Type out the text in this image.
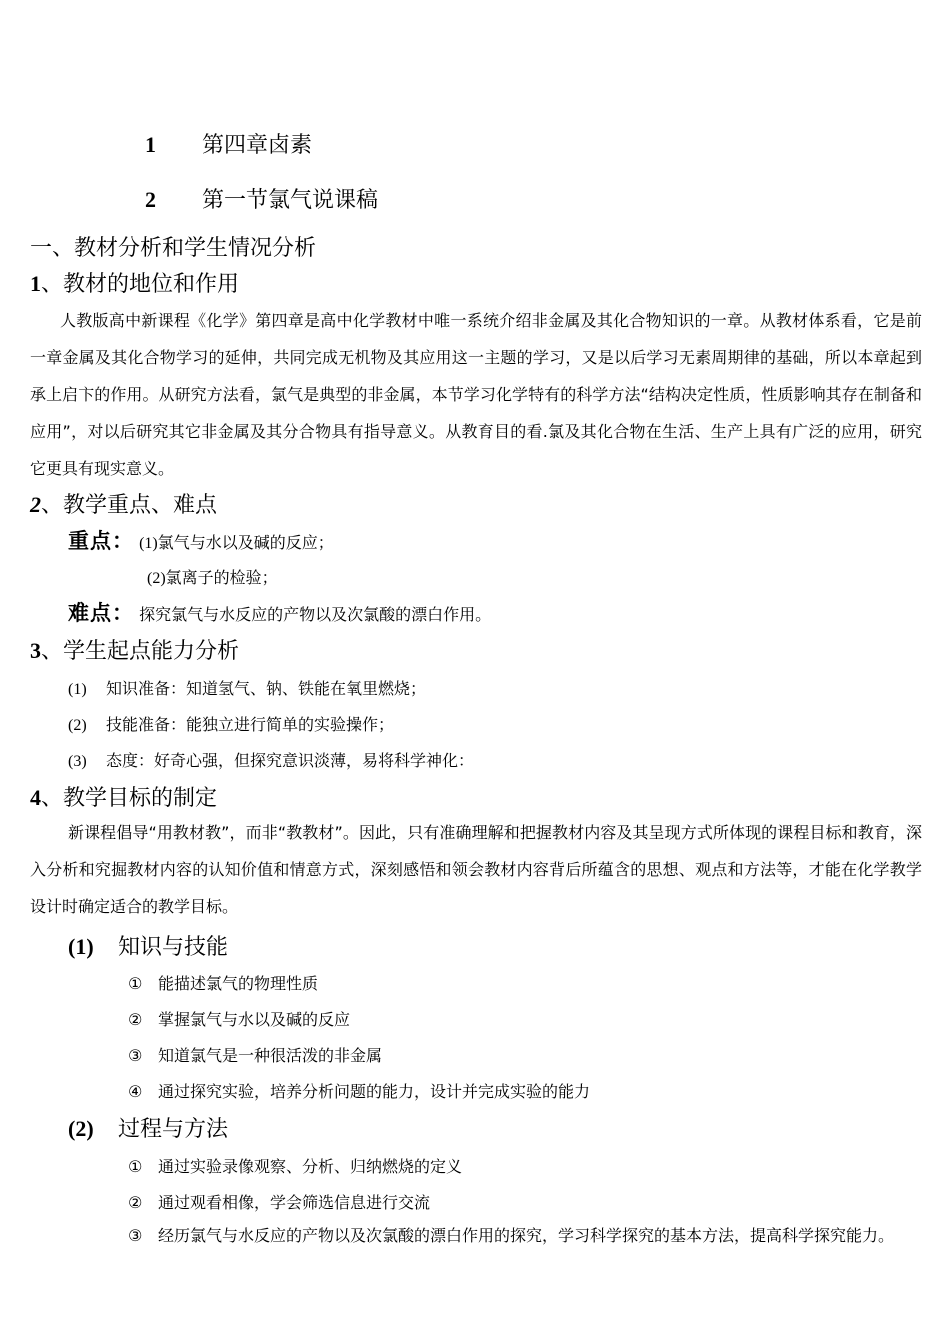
1 第四章卤素
2 第一节氯气说课稿
一、教材分析和学生情况分析
1、教材的地位和作用

人教版高中新课程《化学》第四章是高中化学教材中唯一系统介绍非金属及其化合物知识的一章。从教材体系看，它是前一章金属及其化合物学习的延伸，共同完成无机物及其应用这一主题的学习，又是以后学习无素周期律的基础，所以本章起到承上启卞的作用。从研究方法看，氯气是典型的非金属，本节学习化学特有的科学方法“结构决定性质，性质影响其存在制备和应用”，对以后研究其它非金属及其分合物具有指导意义。从教育目的看.氯及其化合物在生活、生产上具有广泛的应用，研究它更具有现实意义。

2、教学重点、难点
重点： (1)氯气与水以及碱的反应；
(2)氯离子的检验；
难点： 探究氯气与水反应的产物以及次氯酸的漂白作用。
3、学生起点能力分析
(1) 知识准备：知道氢气、钠、铁能在氧里燃烧；
(2) 技能准备：能独立进行简单的实验操作；
(3) 态度：好奇心强，但探究意识淡薄，易将科学神化：
4、教学目标的制定

新课程倡导“用教材教”，而非“教教材”。因此，只有准确理解和把握教材内容及其呈现方式所体现的课程目标和教育，深入分析和究掘教材内容的认知价值和情意方式，深刻感悟和领会教材内容背后所蕴含的思想、观点和方法等，才能在化学教学设计时确定适合的教学目标。

(1) 知识与技能
① 能描述氯气的物理性质
② 掌握氯气与水以及碱的反应
③ 知道氯气是一种很活泼的非金属
④ 通过探究实验，培养分析问题的能力，设计并完成实验的能力
(2) 过程与方法
① 通过实验录像观察、分析、归纳燃烧的定义
② 通过观看相像，学会筛选信息进行交流

③ 经历氯气与水反应的产物以及次氯酸的漂白作用的探究，学习科学探究的基本方法，提高科学探究能力。
